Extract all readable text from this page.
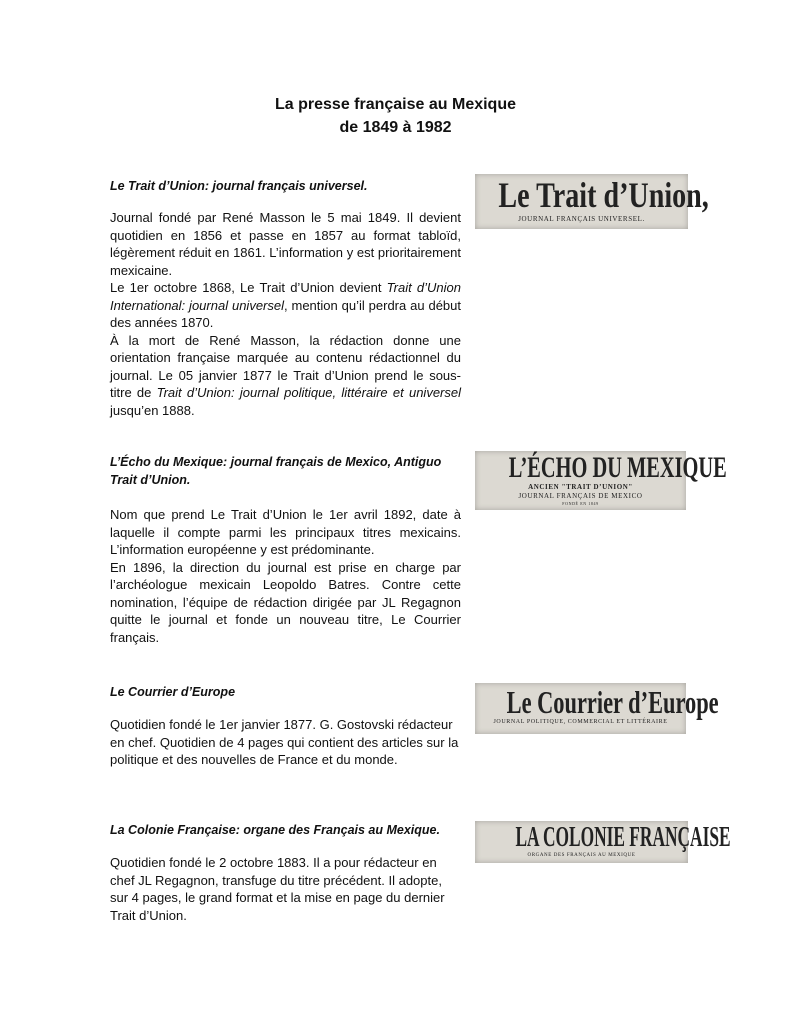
La presse française au Mexique
de 1849 à 1982
Le Trait d’Union: journal français universel.

Journal fondé par René Masson le 5 mai 1849. Il devient quotidien en 1856 et passe en 1857 au format tabloïd, légèrement réduit en 1861. L’information y est prioritairement mexicaine.

Le 1er octobre 1868, Le Trait d’Union devient Trait d’Union International: journal universel, mention qu’il perdra au début des années 1870.

À la mort de René Masson, la rédaction donne une orientation française marquée au contenu rédactionnel du journal. Le 05 janvier 1877 le Trait d’Union prend le sous-titre de Trait d’Union: journal politique, littéraire et universel jusqu’en 1888.

Le Trait d’Union,
JOURNAL FRANÇAIS UNIVERSEL.
L’Écho du Mexique: journal français de Mexico, Antiguo Trait d’Union.

Nom que prend Le Trait d’Union le 1er avril 1892, date à laquelle il compte parmi les principaux titres mexicains. L’information européenne y est prédominante.

En 1896, la direction du journal est prise en charge par l’archéologue mexicain Leopoldo Batres. Contre cette nomination, l’équipe de rédaction dirigée par JL Regagnon quitte le journal et fonde un nouveau titre, Le Courrier français.

L’ÉCHO DU MEXIQUE
ANCIEN "TRAIT D’UNION"
JOURNAL FRANÇAIS DE MEXICO
FONDÉ EN 1849
Le Courrier d’Europe

Quotidien fondé le 1er janvier 1877. G. Gostovski rédacteur en chef. Quotidien de 4 pages qui contient des articles sur la politique et des nouvelles de France et du monde.

Le Courrier d’Europe
JOURNAL POLITIQUE, COMMERCIAL ET LITTÉRAIRE
La Colonie Française: organe des Français au Mexique.

Quotidien fondé le 2 octobre 1883. Il a pour rédacteur en chef JL Regagnon, transfuge du titre précédent. Il adopte, sur 4 pages, le grand format et la mise en page du dernier Trait d’Union.

LA COLONIE FRANÇAISE
ORGANE DES FRANÇAIS AU MEXIQUE
